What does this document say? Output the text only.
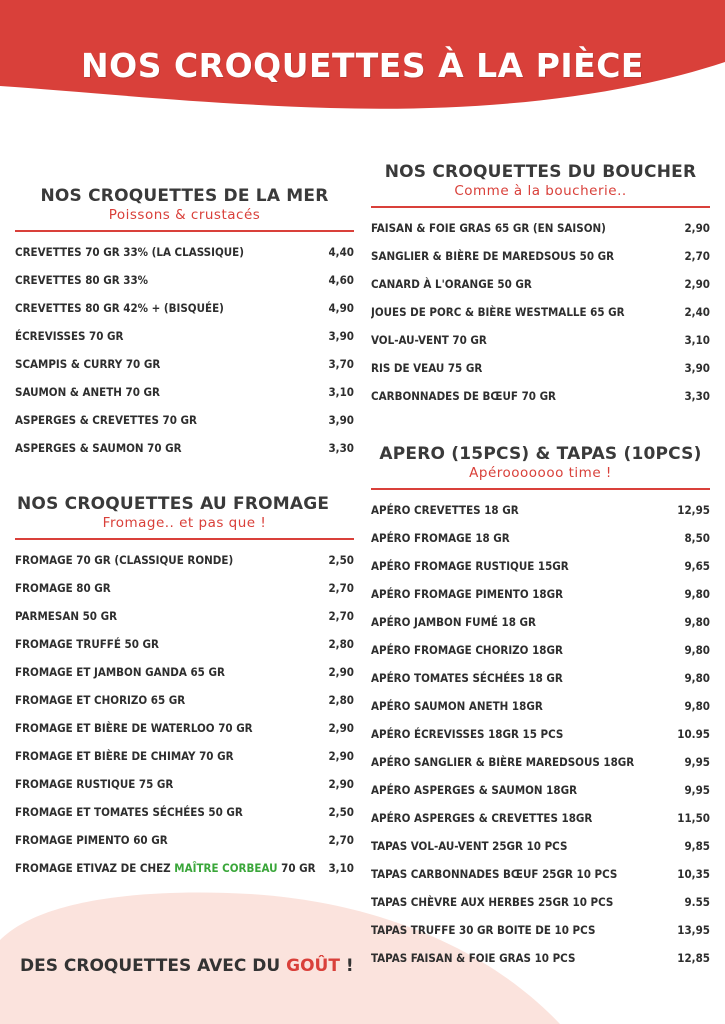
NOS CROQUETTES À LA PIÈCE
NOS CROQUETTES DE LA MER
Poissons & crustacés
CREVETTES 70 GR 33% (LA CLASSIQUE)	4,40
CREVETTES 80 GR 33%	4,60
CREVETTES 80 GR 42% + (BISQUÉE)	4,90
ÉCREVISSES 70 GR	3,90
SCAMPIS & CURRY 70 GR	3,70
SAUMON & ANETH 70 GR	3,10
ASPERGES & CREVETTES 70 GR	3,90
ASPERGES & SAUMON 70 GR	3,30
NOS CROQUETTES AU FROMAGE
Fromage.. et pas que !
FROMAGE 70 GR (CLASSIQUE RONDE)	2,50
FROMAGE 80 GR	2,70
PARMESAN 50 GR	2,70
FROMAGE TRUFFÉ 50 GR	2,80
FROMAGE ET JAMBON GANDA 65 GR	2,90
FROMAGE ET CHORIZO 65 GR	2,80
FROMAGE ET BIÈRE DE WATERLOO 70 GR	2,90
FROMAGE ET BIÈRE DE CHIMAY 70 GR	2,90
FROMAGE RUSTIQUE 75 GR	2,90
FROMAGE ET TOMATES SÉCHÉES 50 GR	2,50
FROMAGE PIMENTO 60 GR	2,70
FROMAGE ETIVAZ DE CHEZ MAÎTRE CORBEAU 70 GR	3,10
NOS CROQUETTES DU BOUCHER
Comme à la boucherie..
FAISAN & FOIE GRAS 65 GR (EN SAISON)	2,90
SANGLIER & BIÈRE DE MAREDSOUS 50 GR	2,70
CANARD À L'ORANGE 50 GR	2,90
JOUES DE PORC & BIÈRE WESTMALLE 65 GR	2,40
VOL-AU-VENT 70 GR	3,10
RIS DE VEAU 75 GR	3,90
CARBONNADES DE BŒUF 70 GR	3,30
APERO (15PCS) & TAPAS (10PCS)
Apérooooooo time !
APÉRO CREVETTES 18 GR	12,95
APÉRO FROMAGE 18 GR	8,50
APÉRO FROMAGE RUSTIQUE 15GR	9,65
APÉRO FROMAGE PIMENTO 18GR	9,80
APÉRO JAMBON FUMÉ 18 GR	9,80
APÉRO FROMAGE CHORIZO 18GR	9,80
APÉRO TOMATES SÉCHÉES 18 GR	9,80
APÉRO SAUMON ANETH 18GR	9,80
APÉRO ÉCREVISSES 18GR 15 PCS	10.95
APÉRO SANGLIER & BIÈRE MAREDSOUS 18GR	9,95
APÉRO ASPERGES & SAUMON 18GR	9,95
APÉRO ASPERGES & CREVETTES 18GR	11,50
TAPAS VOL-AU-VENT 25GR 10 PCS	9,85
TAPAS CARBONNADES BŒUF 25GR 10 PCS	10,35
TAPAS CHÈVRE AUX HERBES 25GR 10 PCS	9.55
TAPAS TRUFFE 30 GR BOITE DE 10 PCS	13,95
TAPAS FAISAN & FOIE GRAS 10 PCS	12,85
DES CROQUETTES AVEC DU GOÛT !
